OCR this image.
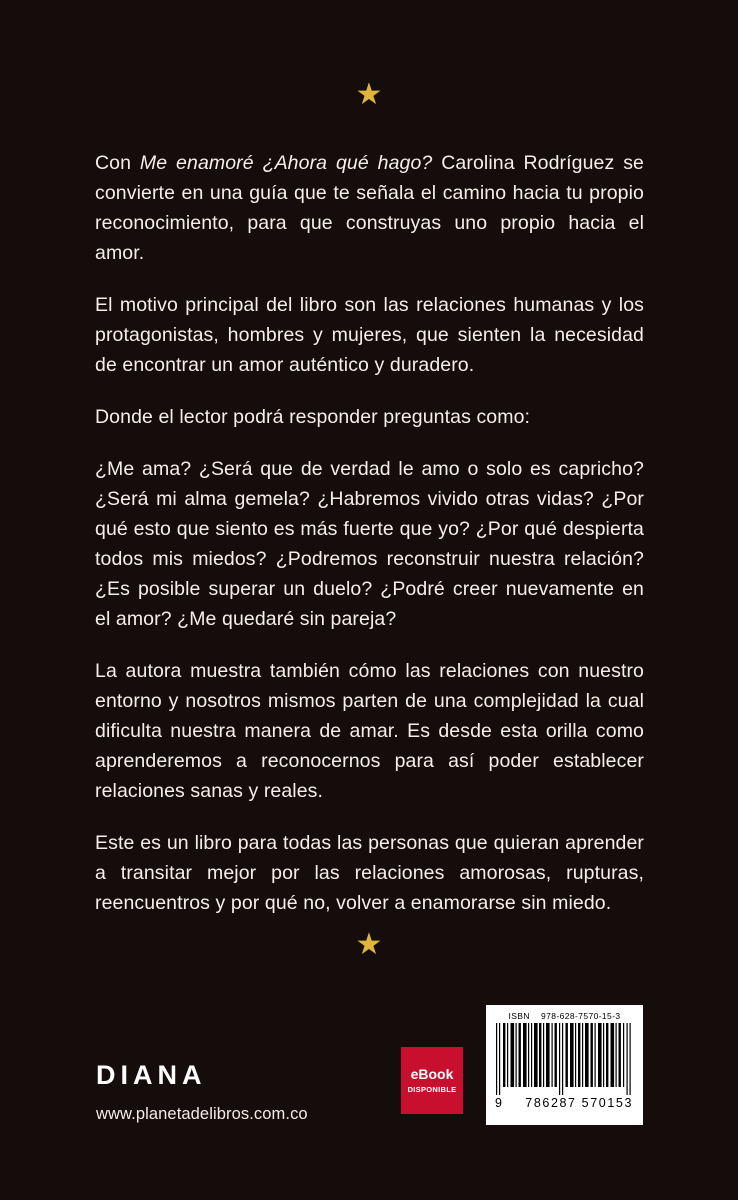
★

Con Me enamoré ¿Ahora qué hago? Carolina Rodríguez se convierte en una guía que te señala el camino hacia tu propio reconocimiento, para que construyas uno propio hacia el amor.

El motivo principal del libro son las relaciones humanas y los protagonistas, hombres y mujeres, que sienten la necesidad de encontrar un amor auténtico y duradero.

Donde el lector podrá responder preguntas como:

¿Me ama? ¿Será que de verdad le amo o solo es capricho? ¿Será mi alma gemela? ¿Habremos vivido otras vidas? ¿Por qué esto que siento es más fuerte que yo? ¿Por qué despierta todos mis miedos? ¿Podremos reconstruir nuestra relación? ¿Es posible superar un duelo? ¿Podré creer nuevamente en el amor? ¿Me quedaré sin pareja?

La autora muestra también cómo las relaciones con nuestro entorno y nosotros mismos parten de una complejidad la cual dificulta nuestra manera de amar. Es desde esta orilla como aprenderemos a reconocernos para así poder establecer relaciones sanas y reales.

Este es un libro para todas las personas que quieran aprender a transitar mejor por las relaciones amorosas, rupturas, reencuentros y por qué no, volver a enamorarse sin miedo.

★
DIANA
www.planetadelibros.com.co
eBook
DISPONIBLE
ISBN 978-628-7570-15-3
9 786287 570153
